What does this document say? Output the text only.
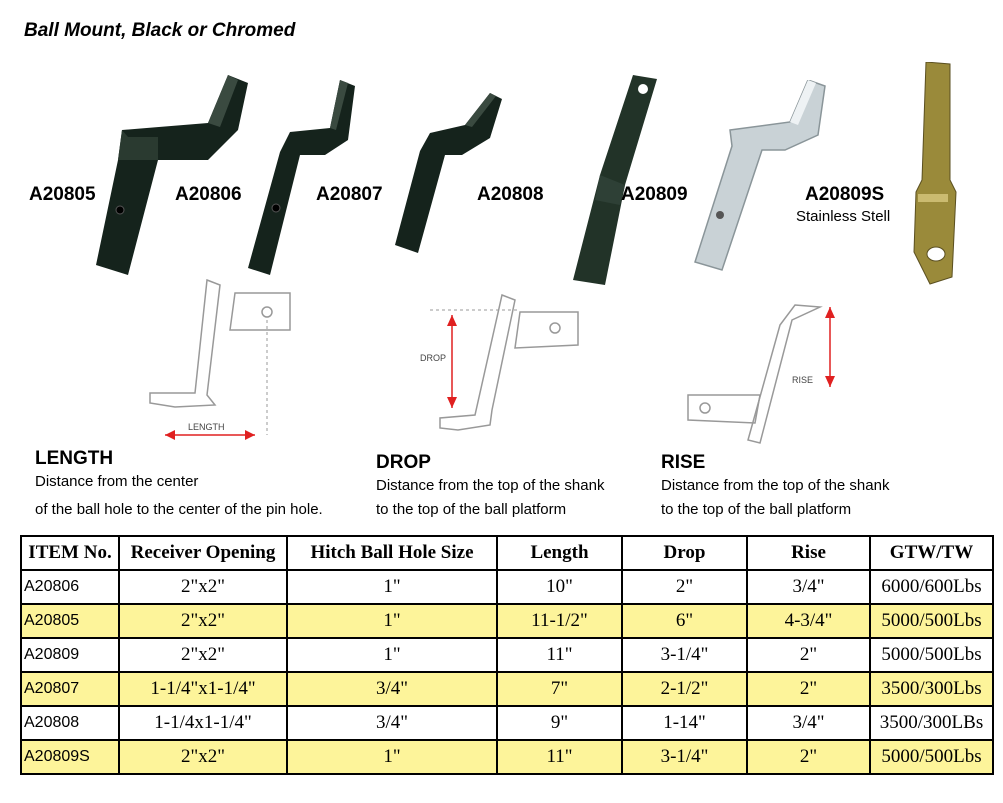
Ball Mount, Black or Chromed
A20805	A20806	A20807	A20808	A20809	A20809S
Stainless Stell
LENGTH
DROP
RISE
LENGTH
Distance from the center
of the ball hole to the center of the pin hole.
DROP
Distance from the top of the shank
to the top of the ball platform
RISE
Distance from the top of the shank
to the top of the ball platform
ITEM No.	Receiver Opening	Hitch Ball Hole Size	Length	Drop	Rise	GTW/TW
A20806	2"x2"	1"	10"	2"	3/4"	6000/600Lbs
A20805	2"x2"	1"	11-1/2"	6"	4-3/4"	5000/500Lbs
A20809	2"x2"	1"	11"	3-1/4"	2"	5000/500Lbs
A20807	1-1/4"x1-1/4"	3/4"	7"	2-1/2"	2"	3500/300Lbs
A20808	1-1/4x1-1/4"	3/4"	9"	1-14"	3/4"	3500/300LBs
A20809S	2"x2"	1"	11"	3-1/4"	2"	5000/500Lbs
